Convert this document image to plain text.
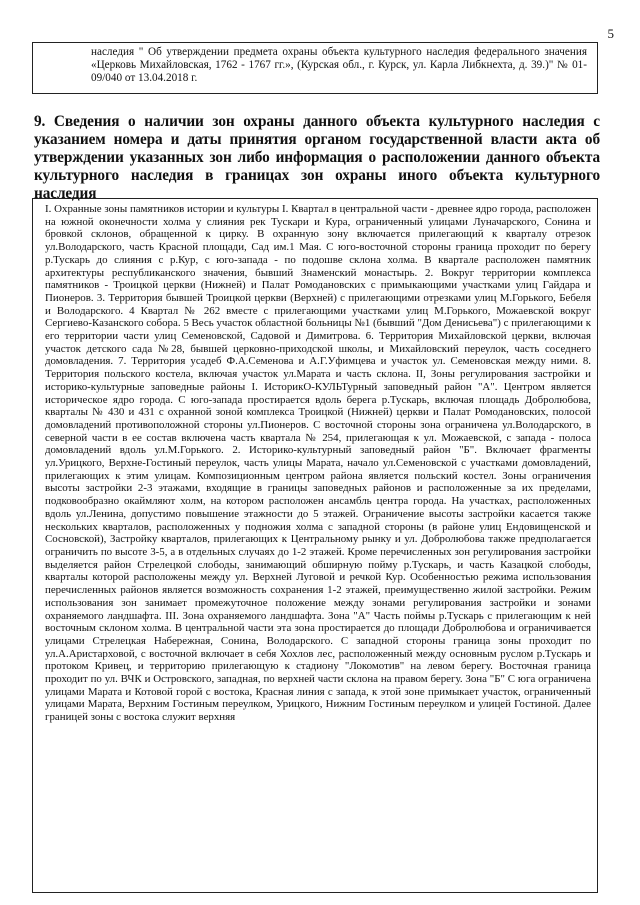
5
наследия " Об утверждении предмета охраны объекта культурного наследия федерального значения «Церковь Михайловская, 1762 - 1767 гг.», (Курская обл., г. Курск, ул. Карла Либкнехта, д. 39.)" № 01-09/040 от 13.04.2018 г.
9. Сведения о наличии зон охраны данного объекта культурного наследия с указанием номера и даты принятия органом государственной власти акта об утверждении указанных зон либо информация о расположении данного объекта культурного наследия в границах зон охраны иного объекта культурного наследия

I. Охранные зоны памятников истории и культуры I. Квартал в центральной части - древнее ядро города, расположен на южной оконечности холма у слияния рек Тускари и Кура, ограниченный улицами Луначарского, Сонина и бровкой склонов, обращенной к цирку. В охранную зону включается прилегающий к кварталу отрезок ул.Володарского, часть Красной площади, Сад им.1 Мая. С юго-восточной стороны граница проходит по берегу р.Тускарь до слияния с р.Кур, с юго-запада - по подошве склона холма. В квартале расположен памятник архитектуры республиканского значения, бывший Знаменский монастырь. 2. Вокруг территории комплекса памятников - Троицкой церкви (Нижней) и Палат Ромодановских с примыкающими участками улиц Гайдара и Пионеров. 3. Территория бывшей Троицкой церкви (Верхней) с прилегающими отрезками улиц М.Горького, Бебеля и Володарского. 4 Квартал № 262 вместе с прилегающими участками улиц М.Горького, Можаевской вокруг Сергиево-Казанского собора. 5 Весь участок областной больницы №1 (бывший "Дом Денисьева") с прилегающими к его территории части улиц Семеновской, Садовой и Димитрова. 6. Территория Михайловской церкви, включая участок детского сада №28, бывшей церковно-приходской школы, и Михайловский переулок, часть соседнего домовладения. 7. Территория усадеб Ф.А.Семенова и А.Г.Уфимцева и участок ул. Семеновская между ними. 8. Территория польского костела, включая участок ул.Марата и часть склона. II, Зоны регулирования застройки и историко-культурные заповедные районы I. ИсторикО-КУЛЬТурный заповедный район "А". Центром является историческое ядро города. С юго-запада простирается вдоль берега р.Тускарь, включая площадь Добролюбова, кварталы № 430 и 431 с охранной зоной комплекса Троицкой (Нижней) церкви и Палат Ромодановских, полосой домовладений противоположной стороны ул.Пионеров. С восточной стороны зона ограничена ул.Володарского, в северной части в ее состав включена часть квартала № 254, прилегающая к ул. Можаевской, с запада - полоса домовладений вдоль ул.М.Горького. 2. Историко-культурный заповедный район "Б". Включает фрагменты ул.Урицкого, Верхне-Гостиный переулок, часть улицы Марата, начало ул.Семеновской с участками домовладений, прилегающих к этим улицам. Композиционным центром района является польский костел. Зоны ограничения высоты застройки 2-3 этажами, входящие в границы заповедных районов и расположенные за их пределами, подковообразно окаймляют холм, на котором расположен ансамбль центра города. На участках, расположенных вдоль ул.Ленина, допустимо повышение этажности до 5 этажей. Ограничение высоты застройки касается также нескольких кварталов, расположенных у подножия холма с западной стороны (в районе улиц Ендовищенской и Сосновской), Застройку кварталов, прилегающих к Центральному рынку и ул. Добролюбова также предполагается ограничить по высоте 3-5, а в отдельных случаях до 1-2 этажей. Кроме перечисленных зон регулирования застройки выделяется район Стрелецкой слободы, занимающий обширную пойму р.Тускарь, и часть Казацкой слободы, кварталы которой расположены между ул. Верхней Луговой и речкой Кур. Особенностью режима использования перечисленных районов является возможность сохранения 1-2 этажей, преимущественно жилой застройки. Режим использования зон занимает промежуточное положение между зонами регулирования застройки и зонами охраняемого ландшафта. III. Зона охраняемого ландшафта. Зона "А" Часть поймы р.Тускарь с прилегающим к ней восточным склоном холма. В центральной части эта зона простирается до площади Добролюбова и ограничивается улицами Стрелецкая Набережная, Сонина, Володарского. С западной стороны граница зоны проходит по ул.А.Аристарховой, с восточной включает в себя Хохлов лес, расположенный между основным руслом р.Тускарь и протоком Кривец, и территорию прилегающую к стадиону "Локомотив" на левом берегу. Восточная граница проходит по ул. ВЧК и Островского, западная, по верхней части склона на правом берегу. Зона "Б" С юга ограничена улицами Марата и Котовой горой с востока, Красная линия с запада, к этой зоне примыкает участок, ограниченный улицами Марата, Верхним Гостиным переулком, Урицкого, Нижним Гостиным переулком и улицей Гостиной. Далее границей зоны с востока служит верхняя
